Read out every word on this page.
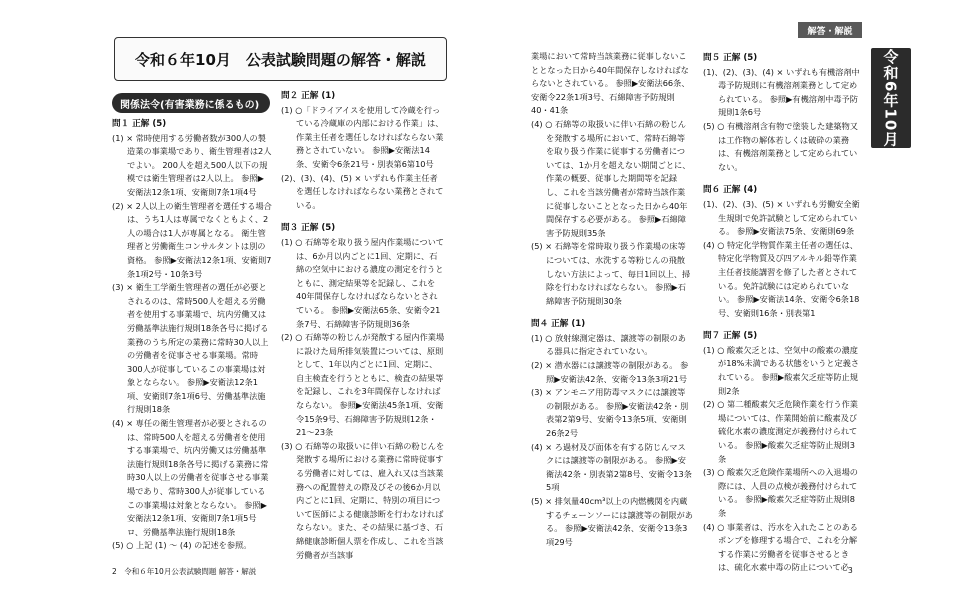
解答・解説
令和6年10月
令和６年10月　公表試験問題の解答・解説
関係法令(有害業務に係るもの)
問１ 正解 (5)
(1) × 常時使用する労働者数が300人の製造業の事業場であり、衛生管理者は2人でよい。 200人を超え500人以下の規模では衛生管理者は2人以上。 参照▶安衛法12条1項、安衛則7条1項4号
(2) × 2人以上の衛生管理者を選任する場合は、うち1人は専属でなくともよく、2人の場合は1人が専属となる。 衛生管理者と労働衛生コンサルタントは別の資格。 参照▶安衛法12条1項、安衛則7条1項2号・10条3号
(3) × 衛生工学衛生管理者の選任が必要とされるのは、常時500人を超える労働者を使用する事業場で、坑内労働又は労働基準法施行規則18条各号に掲げる業務のうち所定の業務に常時30人以上の労働者を従事させる事業場。常時300人が従事しているこの事業場は対象とならない。 参照▶安衛法12条1項、安衛則7条1項6号、労働基準法施行規則18条
(4) × 専任の衛生管理者が必要とされるのは、常時500人を超える労働者を使用する事業場で、坑内労働又は労働基準法施行規則18条各号に掲げる業務に常時30人以上の労働者を従事させる事業場であり、常時300人が従事しているこの事業場は対象とならない。 参照▶安衛法12条1項、安衛則7条1項5号ロ、労働基準法施行規則18条
(5) ○ 上記 (1) ～ (4) の記述を参照。
問２ 正解 (1)
(1) ○「ドライアイスを使用して冷蔵を行っている冷蔵庫の内部における作業」は、作業主任者を選任しなければならない業務とされていない。 参照▶安衛法14条、安衛令6条21号・別表第6第10号
(2)、(3)、(4)、(5) × いずれも作業主任者を選任しなければならない業務とされている。
問３ 正解 (5)
(1) ○ 石綿等を取り扱う屋内作業場については、6か月以内ごとに1回、定期に、石綿の空気中における濃度の測定を行うとともに、測定結果等を記録し、これを40年間保存しなければならないとされている。 参照▶安衛法65条、安衛令21条7号、石綿障害予防規則36条
(2) ○ 石綿等の粉じんが発散する屋内作業場に設けた局所排気装置については、原則として、1年以内ごとに1回、定期に、自主検査を行うとともに、検査の結果等を記録し、これを3年間保存しなければならない。 参照▶安衛法45条1項、安衛令15条9号、石綿障害予防規則12条・21～23条
(3) ○ 石綿等の取扱いに伴い石綿の粉じんを発散する場所における業務に常時従事する労働者に対しては、雇入れ又は当該業務への配置替えの際及びその後6か月以内ごとに1回、定期に、特別の項目について医師による健康診断を行わなければならない。また、その結果に基づき、石綿健康診断個人票を作成し、これを当該労働者が当該事
業場において常時当該業務に従事しないこととなった日から40年間保存しなければならないとされている。 参照▶安衛法66条、安衛令22条1項3号、石綿障害予防規則40・41条
(4) ○ 石綿等の取扱いに伴い石綿の粉じんを発散する場所において、常時石綿等を取り扱う作業に従事する労働者については、1か月を超えない期間ごとに、作業の概要、従事した期間等を記録し、これを当該労働者が常時当該作業に従事しないこととなった日から40年間保存する必要がある。 参照▶石綿障害予防規則35条
(5) × 石綿等を常時取り扱う作業場の床等については、水洗する等粉じんの飛散しない方法によって、毎日1回以上、掃除を行わなければならない。 参照▶石綿障害予防規則30条
問４ 正解 (1)
(1) ○ 放射線測定器は、譲渡等の制限のある器具に指定されていない。
(2) × 潜水器には譲渡等の制限がある。 参照▶安衛法42条、安衛令13条3項21号
(3) × アンモニア用防毒マスクには譲渡等の制限がある。 参照▶安衛法42条・別表第2第9号、安衛令13条5項、安衛則26条2号
(4) × ろ過材及び面体を有する防じんマスクには譲渡等の制限がある。 参照▶安衛法42条・別表第2第8号、安衛令13条5項
(5) × 排気量40cm³以上の内燃機関を内蔵するチェーンソーには譲渡等の制限がある。 参照▶安衛法42条、安衛令13条3項29号
問５ 正解 (5)
(1)、(2)、(3)、(4) × いずれも有機溶剤中毒予防規則に有機溶剤業務として定められている。 参照▶有機溶剤中毒予防規則1条6号
(5) ○ 有機溶剤含有物で塗装した建築物又は工作物の解体若しくは破砕の業務は、有機溶剤業務として定められていない。
問６ 正解 (4)
(1)、(2)、(3)、(5) × いずれも労働安全衛生規則で免許試験として定められている。 参照▶安衛法75条、安衛則69条
(4) ○ 特定化学物質作業主任者の選任は、特定化学物質及び四アルキル鉛等作業主任者技能講習を修了した者とされている。免許試験には定められていない。 参照▶安衛法14条、安衛令6条18号、安衛則16条・別表第1
問７ 正解 (5)
(1) ○ 酸素欠乏とは、空気中の酸素の濃度が18%未満である状態をいうと定義されている。 参照▶酸素欠乏症等防止規則2条
(2) ○ 第二種酸素欠乏危険作業を行う作業場については、作業開始前に酸素及び硫化水素の濃度測定が義務付けられている。 参照▶酸素欠乏症等防止規則3条
(3) ○ 酸素欠乏危険作業場所への入退場の際には、人員の点検が義務付けられている。 参照▶酸素欠乏症等防止規則8条
(4) ○ 事業者は、汚水を入れたことのあるポンプを修理する場合で、これを分解する作業に労働者を従事させるときは、硫化水素中毒の防止について必
2　令和６年10月公表試験問題 解答・解説	3
